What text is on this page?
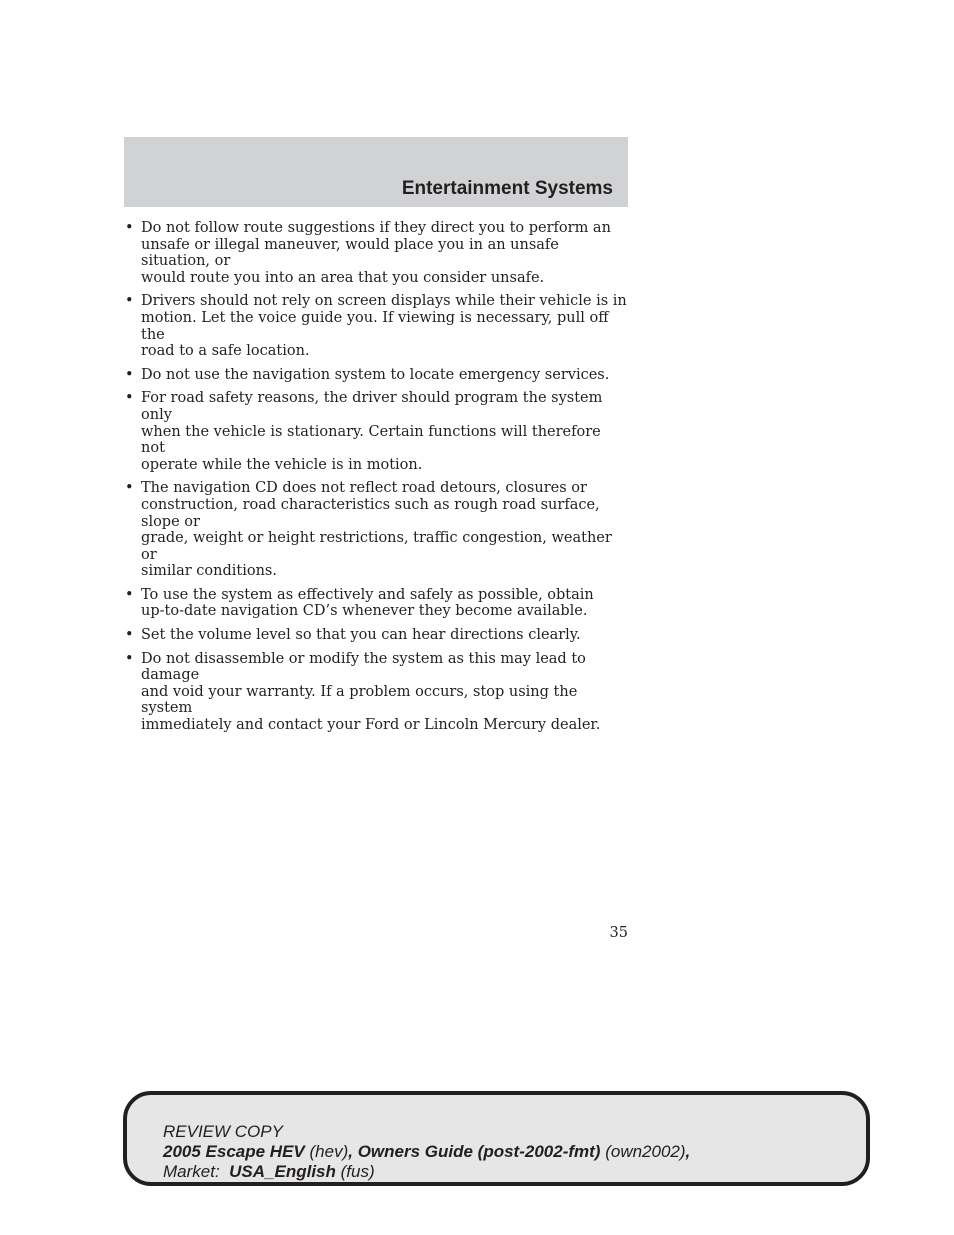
Entertainment Systems
• Do not follow route suggestions if they direct you to perform an
unsafe or illegal maneuver, would place you in an unsafe situation, or
would route you into an area that you consider unsafe.
• Drivers should not rely on screen displays while their vehicle is in
motion. Let the voice guide you. If viewing is necessary, pull off the
road to a safe location.
• Do not use the navigation system to locate emergency services.
• For road safety reasons, the driver should program the system only
when the vehicle is stationary. Certain functions will therefore not
operate while the vehicle is in motion.
• The navigation CD does not reflect road detours, closures or
construction, road characteristics such as rough road surface, slope or
grade, weight or height restrictions, traffic congestion, weather or
similar conditions.
• To use the system as effectively and safely as possible, obtain
up-to-date navigation CD’s whenever they become available.
• Set the volume level so that you can hear directions clearly.
• Do not disassemble or modify the system as this may lead to damage
and void your warranty. If a problem occurs, stop using the system
immediately and contact your Ford or Lincoln Mercury dealer.
35
REVIEW COPY
2005 Escape HEV (hev), Owners Guide (post-2002-fmt) (own2002),
Market: USA_English (fus)
